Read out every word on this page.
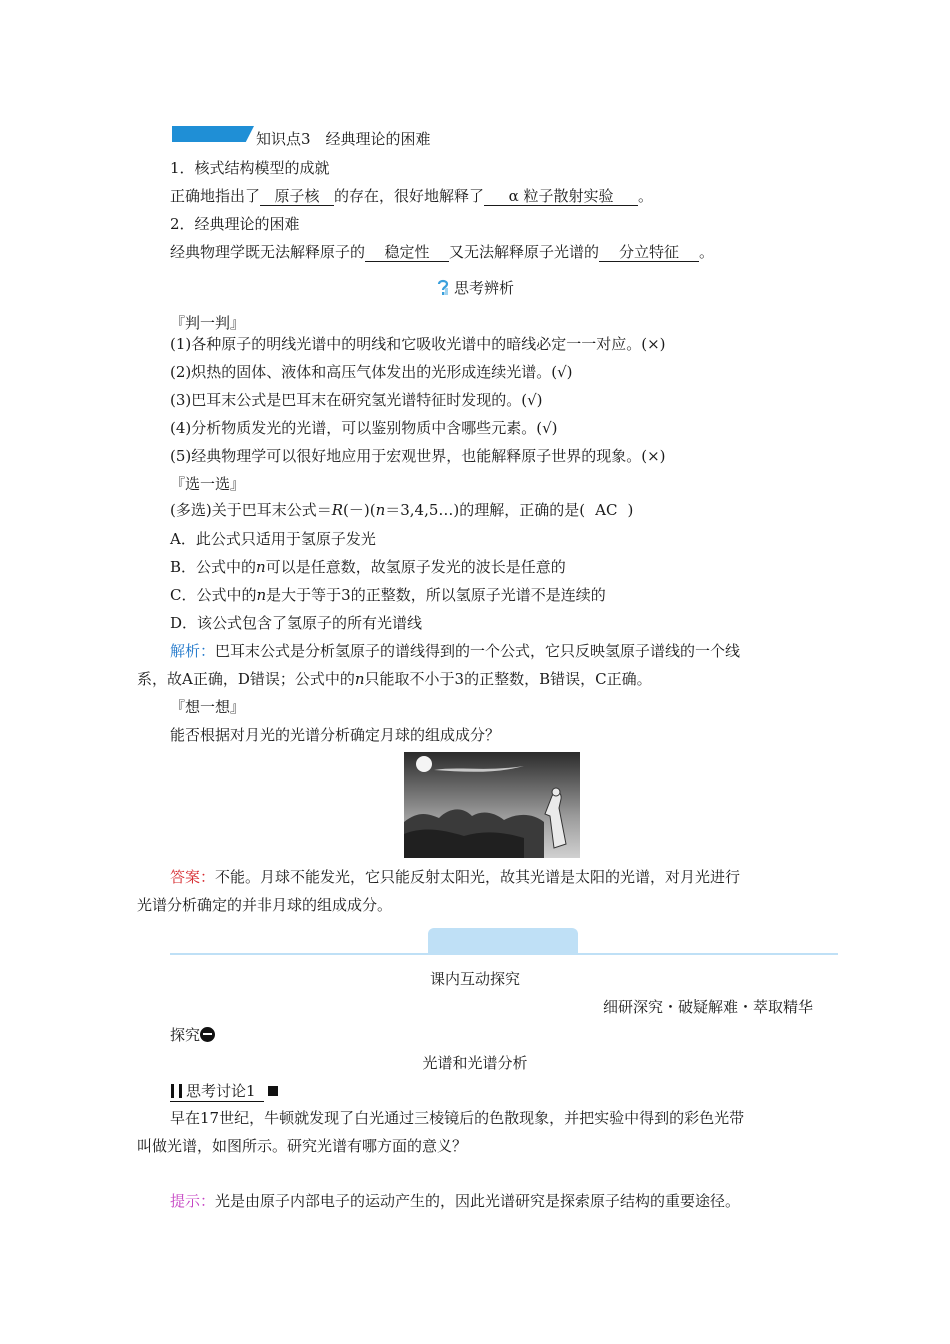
知识点3　经典理论的困难
1．核式结构模型的成就
正确地指出了 原子核 的存在，很好地解释了 α 粒子散射实验 。
2．经典理论的困难
经典物理学既无法解释原子的 稳定性 又无法解释原子光谱的 分立特征 。
思考辨析
『判一判』
(1)各种原子的明线光谱中的明线和它吸收光谱中的暗线必定一一对应。(×)
(2)炽热的固体、液体和高压气体发出的光形成连续光谱。(√)
(3)巴耳末公式是巴耳末在研究氢光谱特征时发现的。(√)
(4)分析物质发光的光谱，可以鉴别物质中含哪些元素。(√)
(5)经典物理学可以很好地应用于宏观世界，也能解释原子世界的现象。(×)
『选一选』
(多选)关于巴耳末公式＝R(－)(n＝3,4,5…)的理解，正确的是( AC )
A．此公式只适用于氢原子发光
B．公式中的n可以是任意数，故氢原子发光的波长是任意的
C．公式中的n是大于等于3的正整数，所以氢原子光谱不是连续的
D．该公式包含了氢原子的所有光谱线
解析：巴耳末公式是分析氢原子的谱线得到的一个公式，它只反映氢原子谱线的一个线
系，故A正确，D错误；公式中的n只能取不小于3的正整数，B错误，C正确。
『想一想』
能否根据对月光的光谱分析确定月球的组成成分？
答案：不能。月球不能发光，它只能反射太阳光，故其光谱是太阳的光谱，对月光进行
光谱分析确定的并非月球的组成成分。
课内互动探究
细研深究・破疑解难・萃取精华
探究
光谱和光谱分析
思考讨论1
早在17世纪，牛顿就发现了白光通过三棱镜后的色散现象，并把实验中得到的彩色光带
叫做光谱，如图所示。研究光谱有哪方面的意义？
提示：光是由原子内部电子的运动产生的，因此光谱研究是探索原子结构的重要途径。
